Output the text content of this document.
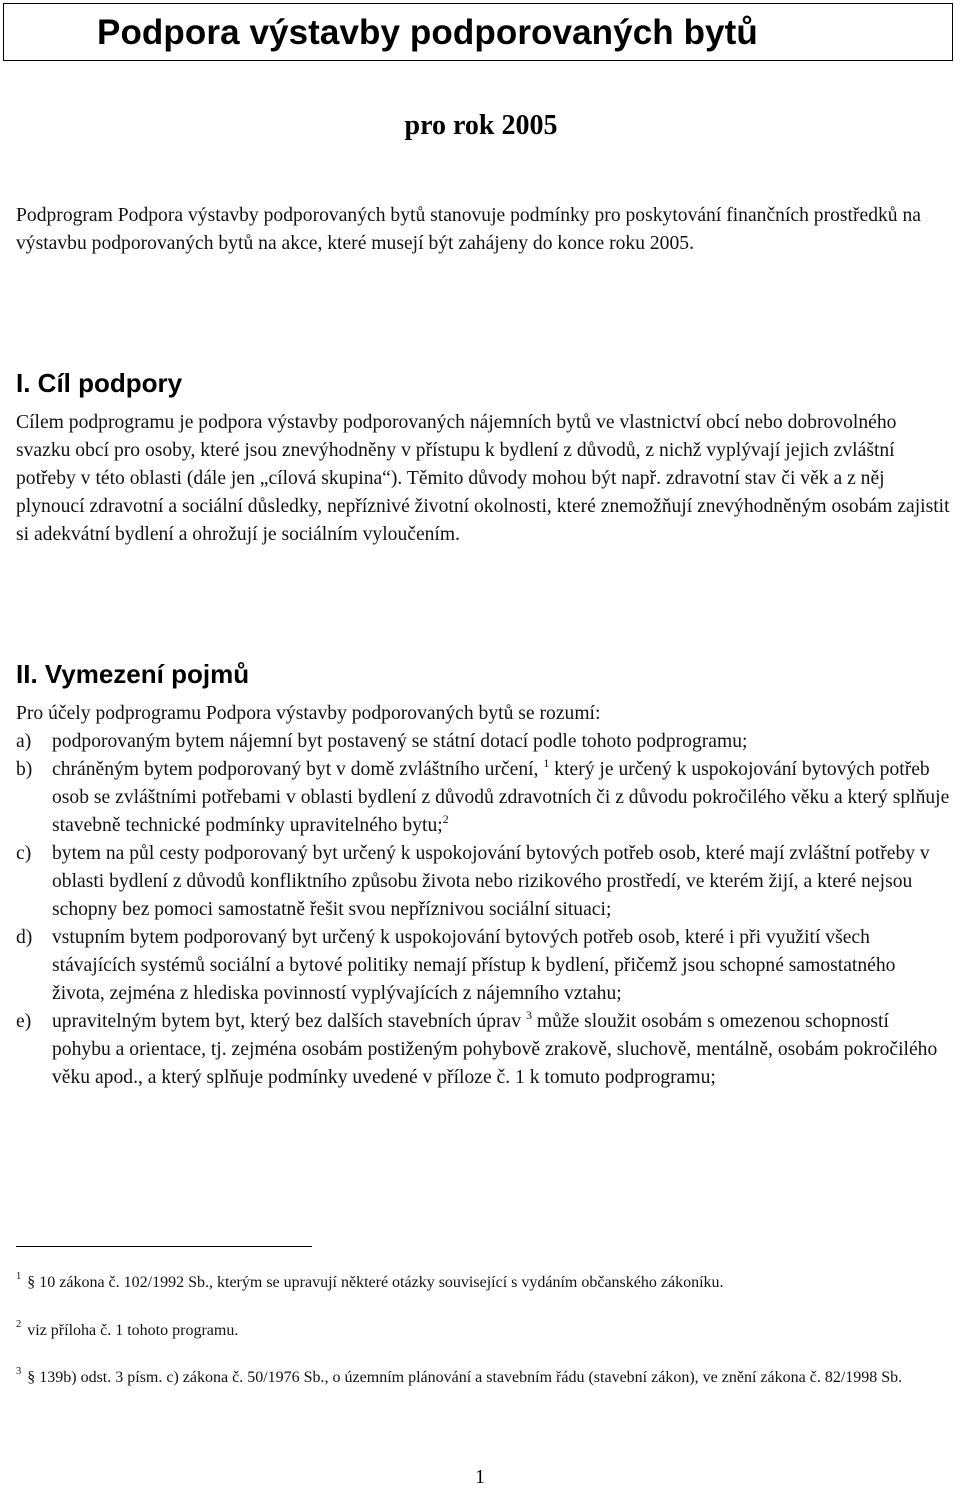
Podpora výstavby podporovaných bytů
pro rok 2005
Podprogram Podpora výstavby podporovaných bytů stanovuje podmínky pro poskytování finančních prostředků na výstavbu podporovaných bytů na akce, které musejí být zahájeny do konce roku 2005.
I. Cíl podpory
Cílem podprogramu je podpora výstavby podporovaných nájemních bytů ve vlastnictví obcí nebo dobrovolného svazku obcí pro osoby, které jsou znevýhodněny v přístupu k bydlení z důvodů, z nichž vyplývají jejich zvláštní potřeby v této oblasti (dále jen „cílová skupina“). Těmito důvody mohou být např. zdravotní stav či věk a z něj plynoucí zdravotní a sociální důsledky, nepříznivé životní okolnosti, které znemožňují znevýhodněným osobám zajistit si adekvátní bydlení a ohrožují je sociálním vyloučením.
II. Vymezení pojmů
Pro účely podprogramu Podpora výstavby podporovaných bytů se rozumí:
a)	podporovaným bytem nájemní byt postavený se státní dotací podle tohoto podprogramu;
b)	chráněným bytem podporovaný byt v domě zvláštního určení, $^1$ který je určený k uspokojování bytových potřeb osob se zvláštními potřebami v oblasti bydlení z důvodů zdravotních či z důvodu pokročilého věku a který splňuje stavebně technické podmínky upravitelného bytu;$^2$
c)	bytem na půl cesty podporovaný byt určený k uspokojování bytových potřeb osob, které mají zvláštní potřeby v oblasti bydlení z důvodů konfliktního způsobu života nebo rizikového prostředí, ve kterém žijí, a které nejsou schopny bez pomoci samostatně řešit svou nepříznivou sociální situaci;
d)	vstupním bytem podporovaný byt určený k uspokojování bytových potřeb osob, které i při využití všech stávajících systémů sociální a bytové politiky nemají přístup k bydlení, přičemž jsou schopné samostatného života, zejména z hlediska povinností vyplývajících z nájemního vztahu;
e)	upravitelným bytem byt, který bez dalších stavebních úprav $^3$ může sloužit osobám s omezenou schopností pohybu a orientace, tj. zejména osobám postiženým pohybově zrakově, sluchově, mentálně, osobám pokročilého věku apod., a který splňuje podmínky uvedené v příloze č. 1 k tomuto podprogramu;
$^1$ § 10 zákona č. 102/1992 Sb., kterým se upravují některé otázky související s vydáním občanského zákoníku.
$^2$ viz příloha č. 1 tohoto programu.
$^3$ § 139b) odst. 3 písm. c) zákona č. 50/1976 Sb., o územním plánování a stavebním řádu (stavební zákon), ve znění zákona č. 82/1998 Sb.
1
